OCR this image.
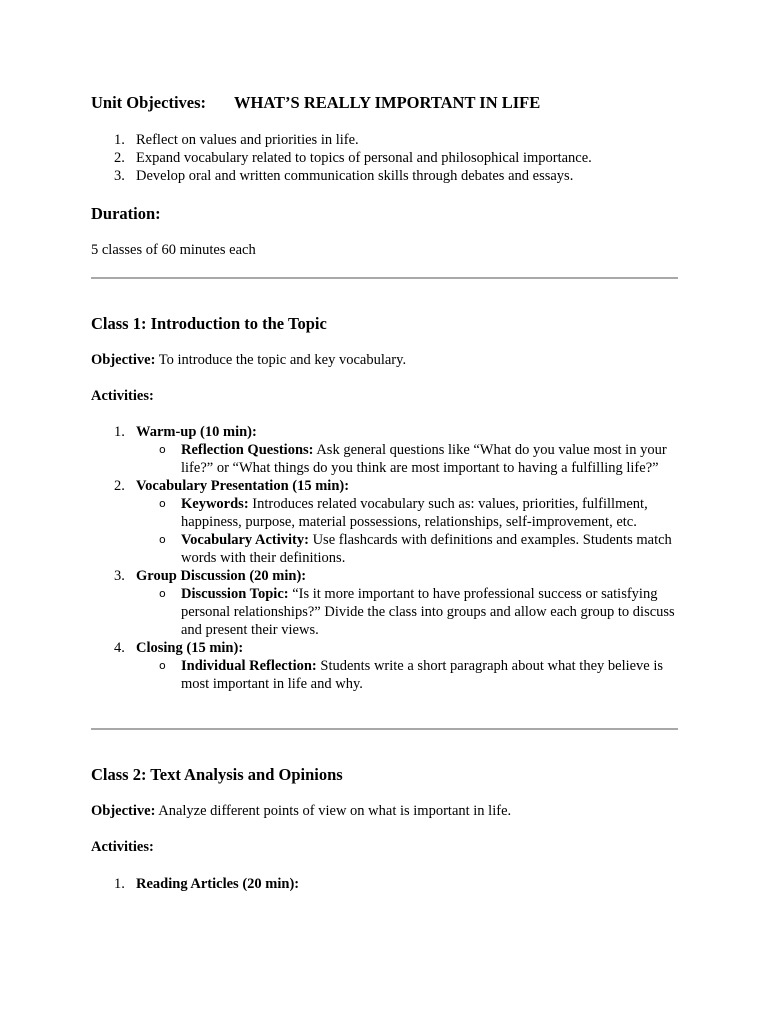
Unit Objectives: WHAT’S REALLY IMPORTANT IN LIFE
1. Reflect on values and priorities in life.
2. Expand vocabulary related to topics of personal and philosophical importance.
3. Develop oral and written communication skills through debates and essays.
Duration:
5 classes of 60 minutes each
Class 1: Introduction to the Topic
Objective: To introduce the topic and key vocabulary.
Activities:
1. Warm-up (10 min):
o Reflection Questions: Ask general questions like “What do you value most in your life?” or “What things do you think are most important to having a fulfilling life?”
2. Vocabulary Presentation (15 min):
o Keywords: Introduces related vocabulary such as: values, priorities, fulfillment, happiness, purpose, material possessions, relationships, self-improvement, etc.
o Vocabulary Activity: Use flashcards with definitions and examples. Students match words with their definitions.
3. Group Discussion (20 min):
o Discussion Topic: “Is it more important to have professional success or satisfying personal relationships?” Divide the class into groups and allow each group to discuss and present their views.
4. Closing (15 min):
o Individual Reflection: Students write a short paragraph about what they believe is most important in life and why.
Class 2: Text Analysis and Opinions
Objective: Analyze different points of view on what is important in life.
Activities:
1. Reading Articles (20 min):
